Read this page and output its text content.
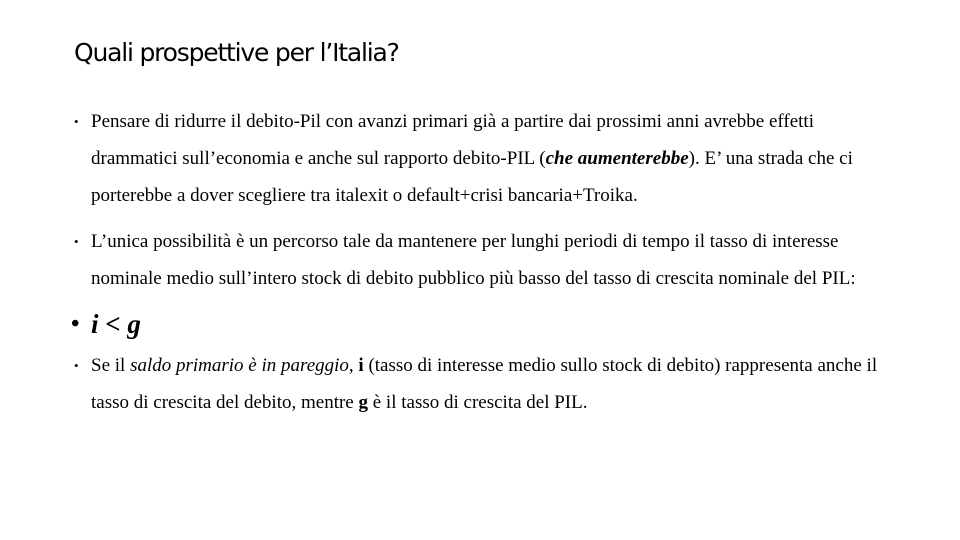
Quali prospettive per l’Italia?
• Pensare di ridurre il debito-Pil con avanzi primari già a partire dai prossimi anni avrebbe effetti drammatici sull’economia e anche sul rapporto debito-PIL (che aumenterebbe). E’ una strada che ci porterebbe a dover scegliere tra italexit o default+crisi bancaria+Troika.
• L’unica possibilità è un percorso tale da mantenere per lunghi periodi di tempo il tasso di interesse nominale medio sull’intero stock di debito pubblico più basso del tasso di crescita nominale del PIL:
• i < g
• Se il saldo primario è in pareggio, i (tasso di interesse medio sullo stock di debito) rappresenta anche il tasso di crescita del debito, mentre g è il tasso di crescita del PIL.
